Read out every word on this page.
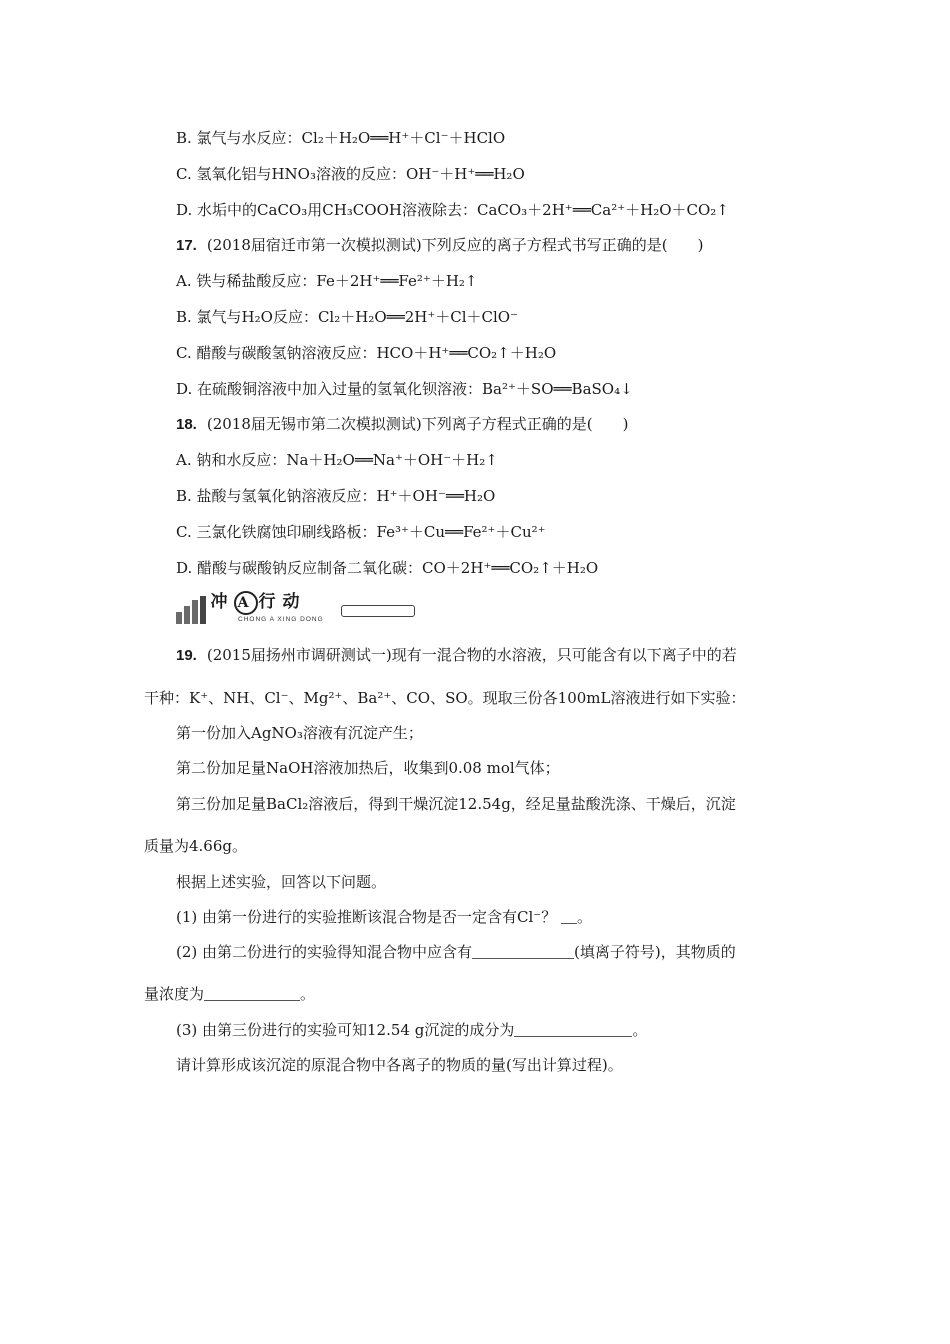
B. 氯气与水反应：Cl₂＋H₂O══H⁺＋Cl⁻＋HClO
C. 氢氧化铝与HNO₃溶液的反应：OH⁻＋H⁺══H₂O
D. 水垢中的CaCO₃用CH₃COOH溶液除去：CaCO₃＋2H⁺══Ca²⁺＋H₂O＋CO₂↑
17. (2018届宿迁市第一次模拟测试)下列反应的离子方程式书写正确的是(　　)
A. 铁与稀盐酸反应：Fe＋2H⁺══Fe²⁺＋H₂↑
B. 氯气与H₂O反应：Cl₂＋H₂O══2H⁺＋Cl＋ClO⁻
C. 醋酸与碳酸氢钠溶液反应：HCO＋H⁺══CO₂↑＋H₂O
D. 在硫酸铜溶液中加入过量的氢氧化钡溶液：Ba²⁺＋SO══BaSO₄↓
18. (2018届无锡市第二次模拟测试)下列离子方程式正确的是(　　)
A. 钠和水反应：Na＋H₂O══Na⁺＋OH⁻＋H₂↑
B. 盐酸与氢氧化钠溶液反应：H⁺＋OH⁻══H₂O
C. 三氯化铁腐蚀印刷线路板：Fe³⁺＋Cu══Fe²⁺＋Cu²⁺
D. 醋酸与碳酸钠反应制备二氧化碳：CO＋2H⁺══CO₂↑＋H₂O
冲 A 行动
CHONG A XING DONG
19. (2015届扬州市调研测试一)现有一混合物的水溶液，只可能含有以下离子中的若
干种：K⁺、NH、Cl⁻、Mg²⁺、Ba²⁺、CO、SO。现取三份各100mL溶液进行如下实验：
第一份加入AgNO₃溶液有沉淀产生；
第二份加足量NaOH溶液加热后，收集到0.08 mol气体；
第三份加足量BaCl₂溶液后，得到干燥沉淀12.54g，经足量盐酸洗涤、干燥后，沉淀
质量为4.66g。
根据上述实验，回答以下问题。
(1) 由第一份进行的实验推断该混合物是否一定含有Cl⁻？ 。
(2) 由第二份进行的实验得知混合物中应含有	(填离子符号)，其物质的
量浓度为	。
(3) 由第三份进行的实验可知12.54 g沉淀的成分为	。
请计算形成该沉淀的原混合物中各离子的物质的量(写出计算过程)。
